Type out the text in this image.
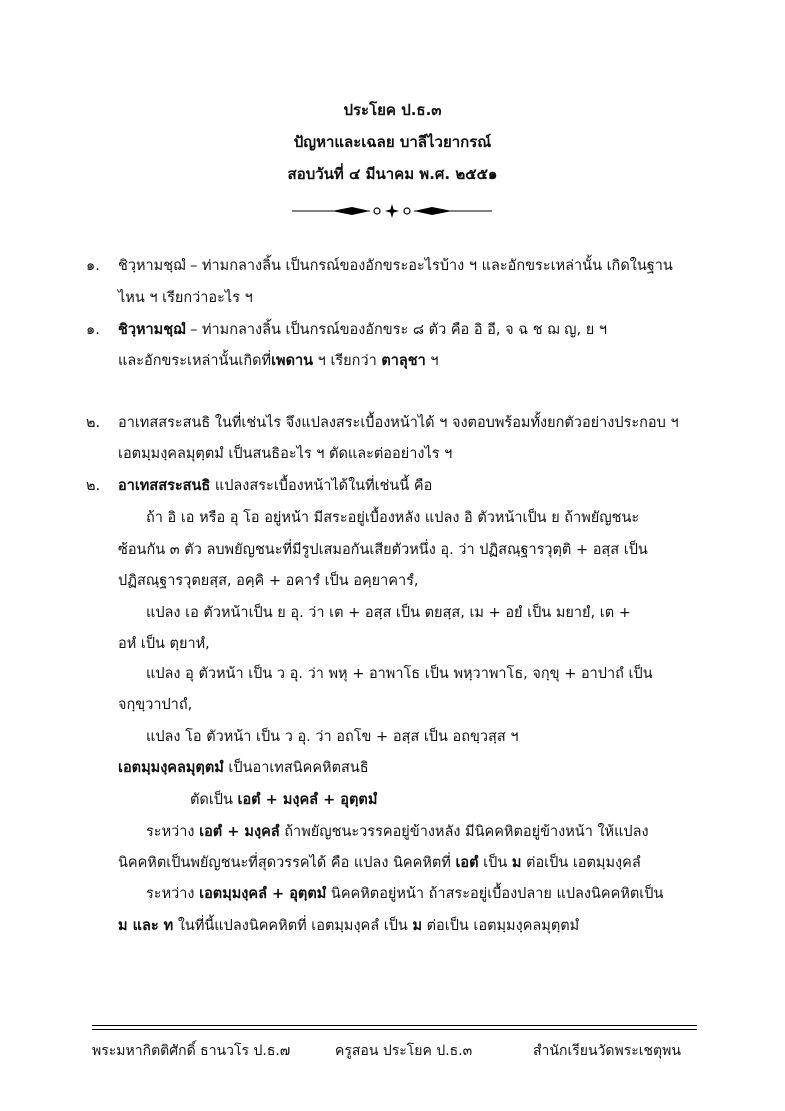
ประโยค ป.ธ.๓
ปัญหาและเฉลย บาลีไวยากรณ์
สอบวันที่ ๔ มีนาคม พ.ศ. ๒๕๕๑
๑. ชิวฺหามชฺฌํ – ท่ามกลางลิ้น เป็นกรณ์ของอักขระอะไรบ้าง ฯ และอักขระเหล่านั้น เกิดในฐาน
ไหน ฯ เรียกว่าอะไร ฯ
๑. ชิวฺหามชฺฌํ – ท่ามกลางลิ้น เป็นกรณ์ของอักขระ ๘ ตัว คือ อิ อี, จ ฉ ช ฌ ญ, ย ฯ
และอักขระเหล่านั้นเกิดที่เพดาน ฯ เรียกว่า ตาลุชา ฯ
๒. อาเทสสระสนธิ ในที่เช่นไร จึงแปลงสระเบื้องหน้าได้ ฯ จงตอบพร้อมทั้งยกตัวอย่างประกอบ ฯ
เอตมฺมงฺคลมุตฺตมํ เป็นสนธิอะไร ฯ ตัดและต่ออย่างไร ฯ
๒. อาเทสสระสนธิ แปลงสระเบื้องหน้าได้ในที่เช่นนี้ คือ
ถ้า อิ เอ หรือ อุ โอ อยู่หน้า มีสระอยู่เบื้องหลัง แปลง อิ ตัวหน้าเป็น ย ถ้าพยัญชนะ
ซ้อนกัน ๓ ตัว ลบพยัญชนะที่มีรูปเสมอกันเสียตัวหนึ่ง อุ. ว่า ปฏิสณฺฐารวุตฺติ + อสฺส เป็น
ปฏิสณฺฐารวุตยสฺส, อคฺคิ + อคารํ เป็น อคฺยาคารํ,
แปลง เอ ตัวหน้าเป็น ย อุ. ว่า เต + อสฺส เป็น ตยสฺส, เม + อยํ เป็น มยายํ, เต +
อหํ เป็น ตฺยาหํ,
แปลง อุ ตัวหน้า เป็น ว อุ. ว่า พหุ + อาพาโธ เป็น พหฺวาพาโธ, จกฺขุ + อาปาถํ เป็น
จกฺขฺวาปาถํ,
แปลง โอ ตัวหน้า เป็น ว อุ. ว่า อถโข + อสฺส เป็น อถขฺวสฺส ฯ
เอตมฺมงฺคลมุตฺตมํ เป็นอาเทสนิคคหิตสนธิ
ตัดเป็น เอตํ + มงฺคลํ + อุตฺตมํ
ระหว่าง เอตํ + มงฺคลํ ถ้าพยัญชนะวรรคอยู่ข้างหลัง มีนิคคหิตอยู่ข้างหน้า ให้แปลง
นิคคหิตเป็นพยัญชนะที่สุดวรรคได้ คือ แปลง นิคคหิตที่ เอตํ เป็น ม ต่อเป็น เอตมฺมงฺคลํ
ระหว่าง เอตมฺมงฺคลํ + อุตฺตมํ นิคคหิตอยู่หน้า ถ้าสระอยู่เบื้องปลาย แปลงนิคคหิตเป็น
ม และ ท ในที่นี้แปลงนิคคหิตที่ เอตมฺมงฺคลํ เป็น ม ต่อเป็น เอตมฺมงฺคลมุตฺตมํ
พระมหากิตติศักดิ์ ธานวโร ป.ธ.๗	ครูสอน ประโยค ป.ธ.๓	สำนักเรียนวัดพระเชตุพน
